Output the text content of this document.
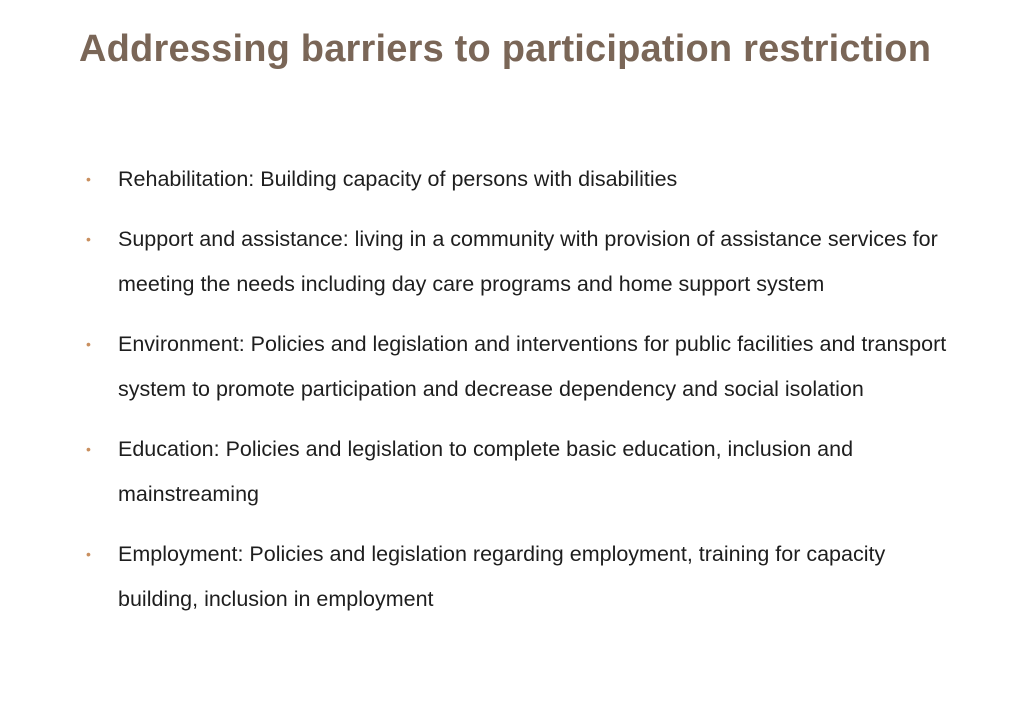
Addressing barriers to participation restriction
• Rehabilitation: Building capacity of persons with disabilities
• Support and assistance: living in a community with provision of assistance services for meeting the needs including day care programs and home support system
• Environment: Policies and legislation and interventions for public facilities and transport system to promote participation and decrease dependency and social isolation
• Education: Policies and legislation to complete basic education, inclusion and mainstreaming
• Employment: Policies and legislation regarding employment, training for capacity building, inclusion in employment
